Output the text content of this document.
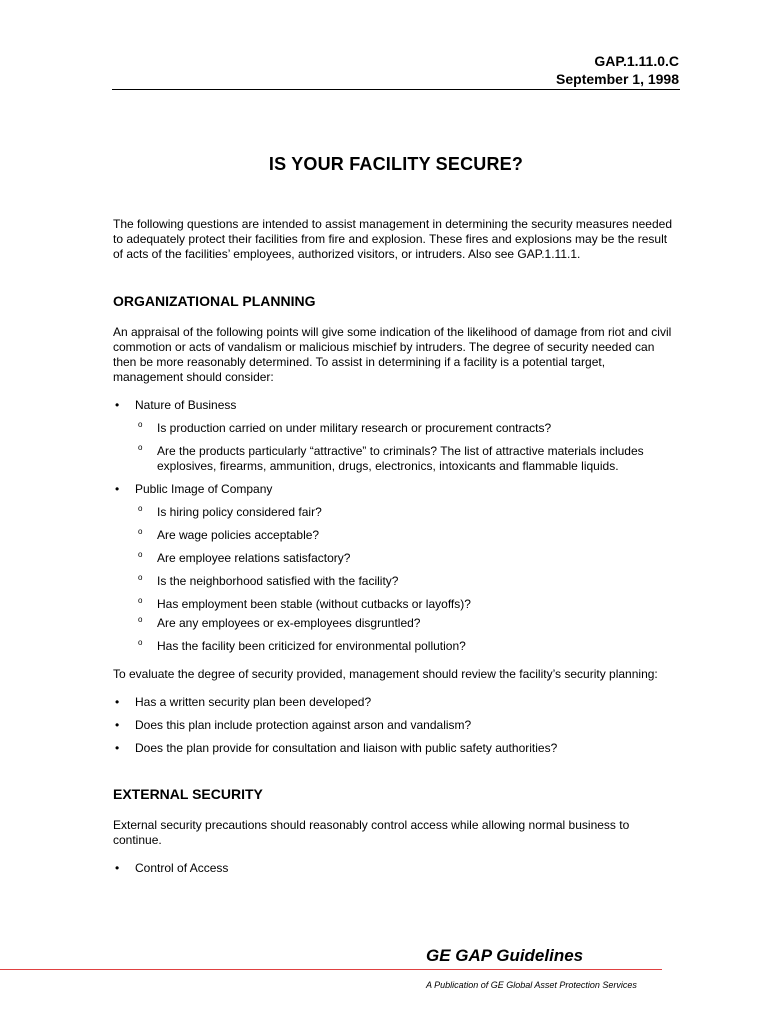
GAP.1.11.0.C
September 1, 1998
IS YOUR FACILITY SECURE?

The following questions are intended to assist management in determining the security measures needed to adequately protect their facilities from fire and explosion. These fires and explosions may be the result of acts of the facilities’ employees, authorized visitors, or intruders. Also see GAP.1.11.1.

ORGANIZATIONAL PLANNING

An appraisal of the following points will give some indication of the likelihood of damage from riot and civil commotion or acts of vandalism or malicious mischief by intruders. The degree of security needed can then be more reasonably determined. To assist in determining if a facility is a potential target, management should consider:

• Nature of Business
o Is production carried on under military research or procurement contracts?
o Are the products particularly “attractive” to criminals? The list of attractive materials includes explosives, firearms, ammunition, drugs, electronics, intoxicants and flammable liquids.
• Public Image of Company
o Is hiring policy considered fair?
o Are wage policies acceptable?
o Are employee relations satisfactory?
o Is the neighborhood satisfied with the facility?
o Has employment been stable (without cutbacks or layoffs)?
o Are any employees or ex-employees disgruntled?
o Has the facility been criticized for environmental pollution?

To evaluate the degree of security provided, management should review the facility’s security planning:

• Has a written security plan been developed?
• Does this plan include protection against arson and vandalism?
• Does the plan provide for consultation and liaison with public safety authorities?
EXTERNAL SECURITY

External security precautions should reasonably control access while allowing normal business to continue.

• Control of Access
GE GAP Guidelines
A Publication of GE Global Asset Protection Services
